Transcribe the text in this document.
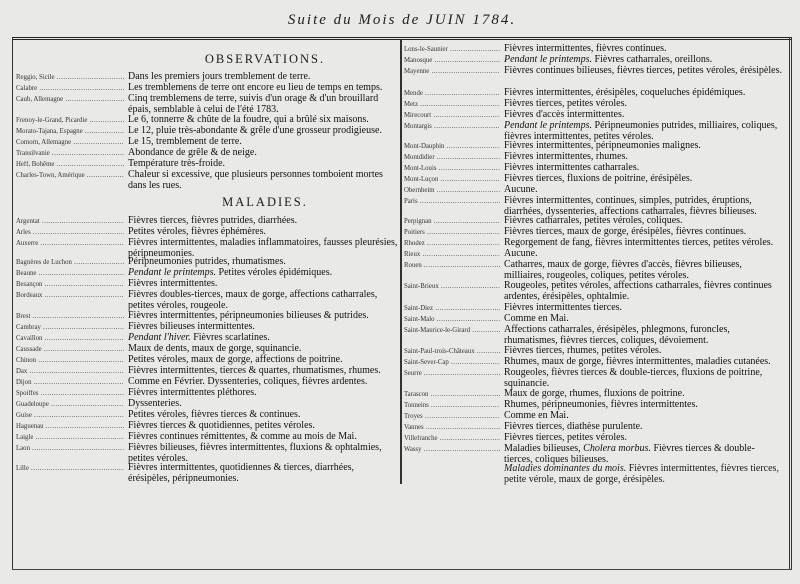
Suite du Mois de JUIN 1784.
OBSERVATIONS.
MALADIES.
Reggio, Sicile .....	Dans les premiers jours tremblement de terre.
Calabre .....	Les tremblemens de terre ont encore eu lieu de temps en temps.
Caub, Allemagne .....	Cinq tremblemens de terre, suivis d'un orage & d'un brouillard épais, semblable à celui de l'été 1783.
Frenoy-le-Grand, Picardie .....	Le 6, tonnerre & chûte de la foudre, qui a brûlé six maisons.
Morato-Tajana, Espagne .....	Le 12, pluie très-abondante & grêle d'une grosseur prodigieuse.
Comorn, Allemagne .....	Le 15, tremblement de terre.
Transilvanie .....	Abondance de grêle & de neige.
Heff, Bohême .....	Température très-froide.
Charles-Town, Amérique .....	Chaleur si excessive, que plusieurs personnes tomboient mortes dans les rues.
Argentat .....	Fièvres tierces, fièvres putrides, diarrhées.
Arles .....	Petites véroles, fièvres éphémères.
Auxerre .....	Fièvres intermittentes, maladies inflammatoires, fausses pleurésies, péripneumonies.
Bagnères de Luchon .....	Péripneumonies putrides, rhumatismes.
Beaune .....	Pendant le printemps. Petites véroles épidémiques.
Besançon .....	Fièvres intermittentes.
Bordeaux .....	Fièvres doubles-tierces, maux de gorge, affections catharrales, petites véroles, rougeole.
Brest .....	Fièvres intermittentes, péripneumonies bilieuses & putrides.
Cambray .....	Fièvres bilieuses intermittentes.
Cavaillon .....	Pendant l'hiver. Fièvres scarlatines.
Caussade .....	Maux de dents, maux de gorge, squinancie.
Chinon .....	Petites véroles, maux de gorge, affections de poitrine.
Dax .....	Fièvres intermittentes, tierces & quartes, rhumatismes, rhumes.
Dijon .....	Comme en Février. Dyssenteries, coliques, fièvres ardentes.
Spoiffes .....	Fièvres intermittentes pléthores.
Guadeloupe .....	Dyssenteries.
Guise .....	Petites véroles, fièvres tierces & continues.
Haguenau .....	Fièvres tierces & quotidiennes, petites véroles.
Laigle .....	Fièvres continues rémittentes, & comme au mois de Mai.
Laon .....	Fièvres bilieuses, fièvres intermittentes, fluxions & ophtalmies, petites véroles.
Lille .....	Fièvres intermittentes, quotidiennes & tierces, diarrhées, érésipèles, péripneumonies.
Lons-le-Saunier .....	Fièvres intermittentes, fièvres continues.
Manosque .....	Pendant le printemps. Fièvres catharrales, oreillons.
Mayenne .....	Fièvres continues bilieuses, fièvres tierces, petites véroles, érésipèles.
Mende .....	Fièvres intermittentes, érésipèles, coqueluches épidémiques.
Metz .....	Fièvres tierces, petites véroles.
Mirecourt .....	Fièvres d'accès intermittentes.
Montargis .....	Pendant le printemps. Péripneumonies putrides, milliaires, coliques, fièvres intermittentes, petites véroles.
Mont-Dauphin .....	Fièvres intermittentes, péripneumonies malignes.
Montdidier .....	Fièvres intermittentes, rhumes.
Mont-Louis .....	Fièvres intermittentes catharrales.
Mont-Luçon .....	Fièvres tierces, fluxions de poitrine, érésipèles.
Obernheim .....	Aucune.
Paris .....	Fièvres intermittentes, continues, simples, putrides, éruptions, diarrhées, dyssenteries, affections catharrales, fièvres bilieuses.
Perpignan .....	Fièvres catharrales, petites véroles, coliques.
Poitiers .....	Fièvres tierces, maux de gorge, érésipèles, fièvres continues.
Rhodez .....	Regorgement de fang, fièvres intermittentes tierces, petites véroles.
Rieux .....	Aucune.
Rouen .....	Catharres, maux de gorge, fièvres d'accès, fièvres bilieuses, milliaires, rougeoles, coliques, petites véroles.
Saint-Brieux .....	Rougeoles, petites véroles, affections catharrales, fièvres continues ardentes, érésipèles, ophtalmie.
Saint-Diez .....	Fièvres intermittentes tierces.
Saint-Malo .....	Comme en Mai.
Saint-Maurice-le-Girard .....	Affections catharrales, érésipèles, phlegmons, furoncles, rhumatismes, fièvres tierces, coliques, dévoiement.
Saint-Paul-trois-Châteaux .....	Fièvres tierces, rhumes, petites véroles.
Saint-Sever-Cap .....	Rhumes, maux de gorge, fièvres intermittentes, maladies cutanées.
Seurre .....	Rougeoles, fièvres tierces & double-tierces, fluxions de poitrine, squinancie.
Tarascon .....	Maux de gorge, rhumes, fluxions de poitrine.
Tonneins .....	Rhumes, péripneumonies, fièvres intermittentes.
Troyes .....	Comme en Mai.
Vannes .....	Fièvres tierces, diathèse purulente.
Villefranche .....	Fièvres tierces, petites véroles.
Wassy .....	Maladies bilieuses, Cholera morbus. Fièvres tierces & double-tierces, coliques bilieuses.
Maladies dominantes du mois. Fièvres intermittentes, fièvres tierces, petite vérole, maux de gorge, érésipèles.
